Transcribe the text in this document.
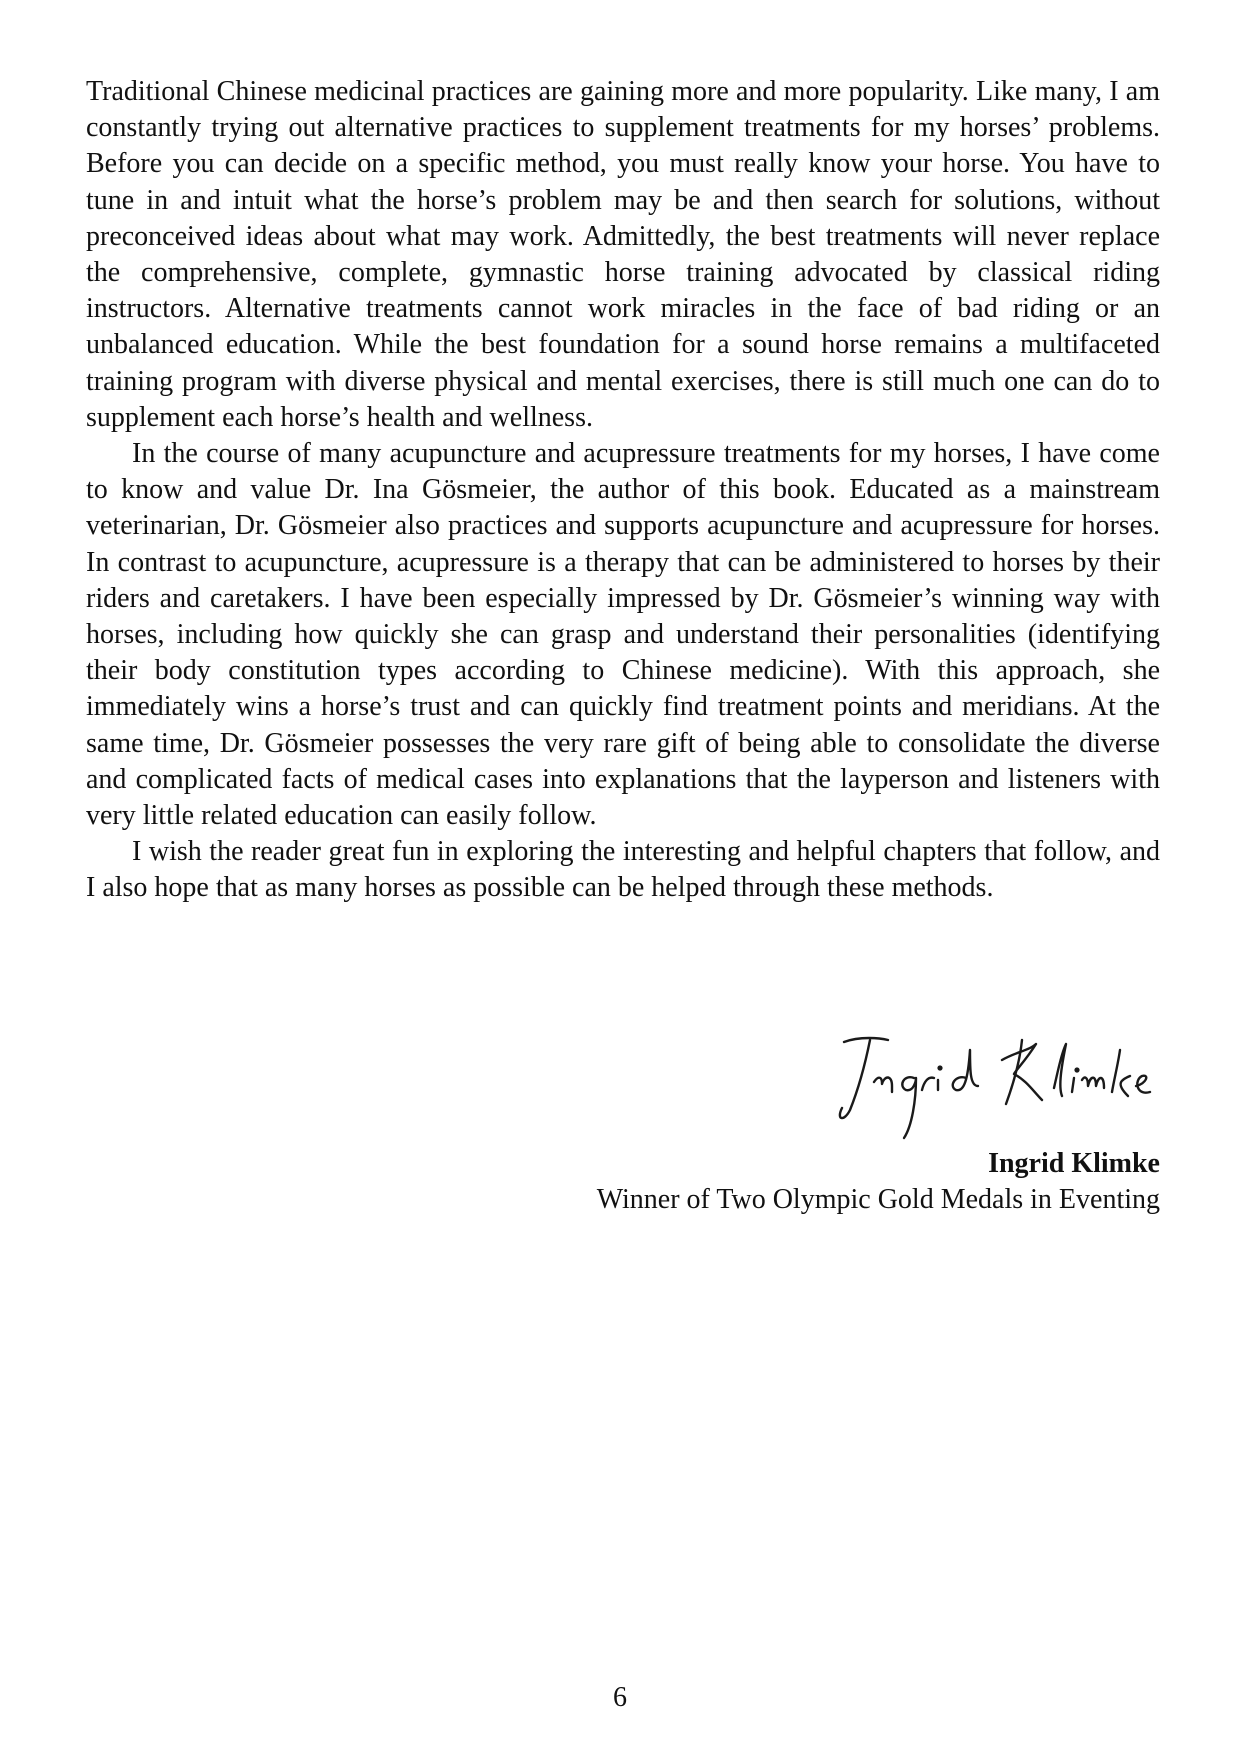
Traditional Chinese medicinal practices are gaining more and more popularity. Like many, I am constantly trying out alternative practices to supplement treatments for my horses’ problems. Before you can decide on a specific method, you must really know your horse. You have to tune in and intuit what the horse’s problem may be and then search for solutions, without preconceived ideas about what may work. Admittedly, the best treatments will never replace the comprehensive, complete, gymnastic horse training advocated by classical riding instructors. Alternative treatments cannot work miracles in the face of bad riding or an unbalanced education. While the best foundation for a sound horse remains a multifaceted training program with diverse physical and mental exercises, there is still much one can do to supplement each horse’s health and wellness.

In the course of many acupuncture and acupressure treatments for my horses, I have come to know and value Dr. Ina Gösmeier, the author of this book. Educated as a mainstream veterinarian, Dr. Gösmeier also practices and supports acupuncture and acupressure for horses. In contrast to acupuncture, acupressure is a therapy that can be administered to horses by their riders and caretakers. I have been especially impressed by Dr. Gösmeier’s winning way with horses, including how quickly she can grasp and understand their personalities (identifying their body constitution types according to Chinese medicine). With this approach, she immediately wins a horse’s trust and can quickly find treatment points and meridians. At the same time, Dr. Gösmeier possesses the very rare gift of being able to consolidate the diverse and complicated facts of medical cases into explanations that the layperson and listeners with very little related education can easily follow.

I wish the reader great fun in exploring the interesting and helpful chapters that follow, and I also hope that as many horses as possible can be helped through these methods.

Ingrid Klimke
Winner of Two Olympic Gold Medals in Eventing
6
